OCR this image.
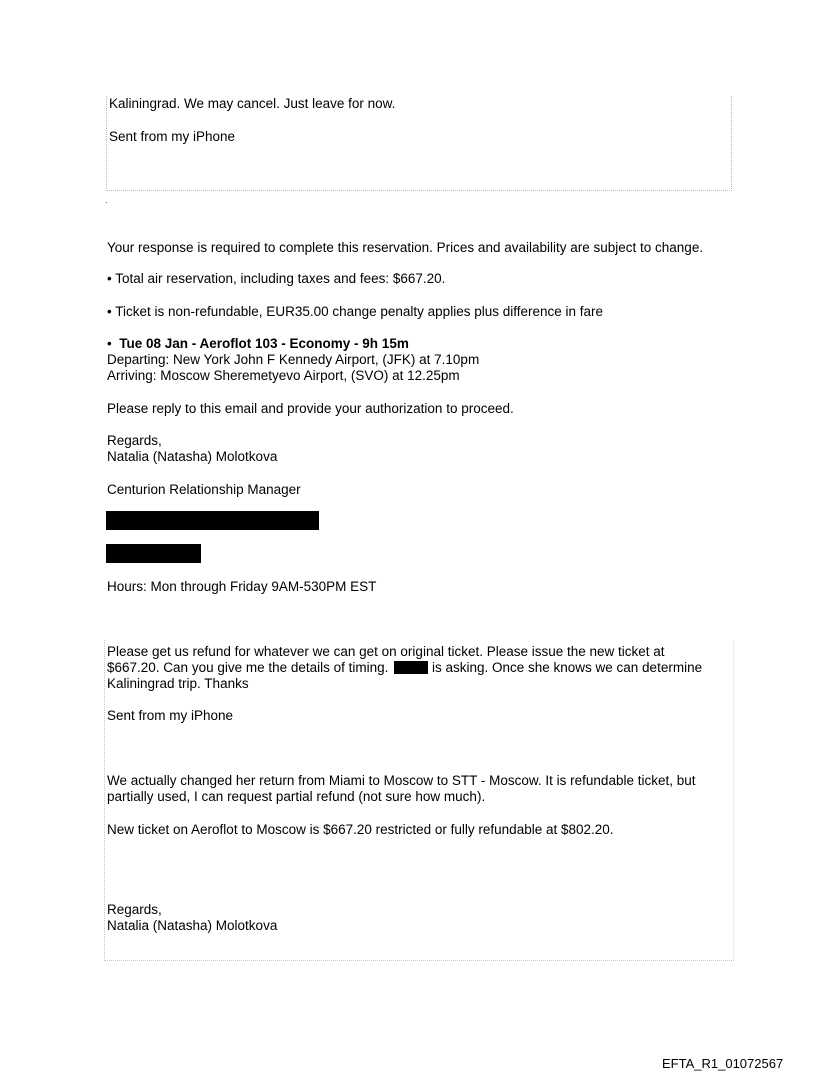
Kaliningrad. We may cancel. Just leave for now.
Sent from my iPhone
Your response is required to complete this reservation. Prices and availability are subject to change.
• Total air reservation, including taxes and fees: $667.20.
• Ticket is non-refundable, EUR35.00 change penalty applies plus difference in fare
• Tue 08 Jan - Aeroflot 103 - Economy - 9h 15m
Departing: New York John F Kennedy Airport, (JFK) at 7.10pm
Arriving: Moscow Sheremetyevo Airport, (SVO) at 12.25pm
Please reply to this email and provide your authorization to proceed.
Regards,
Natalia (Natasha) Molotkova
Centurion Relationship Manager
Hours: Mon through Friday 9AM-530PM EST
Please get us refund for whatever we can get on original ticket. Please issue the new ticket at
$667.20. Can you give me the details of timing.	is asking. Once she knows we can determine
Kaliningrad trip. Thanks
Sent from my iPhone
We actually changed her return from Miami to Moscow to STT - Moscow. It is refundable ticket, but
partially used, I can request partial refund (not sure how much).
New ticket on Aeroflot to Moscow is $667.20 restricted or fully refundable at $802.20.
Regards,
Natalia (Natasha) Molotkova
EFTA_R1_01072567
